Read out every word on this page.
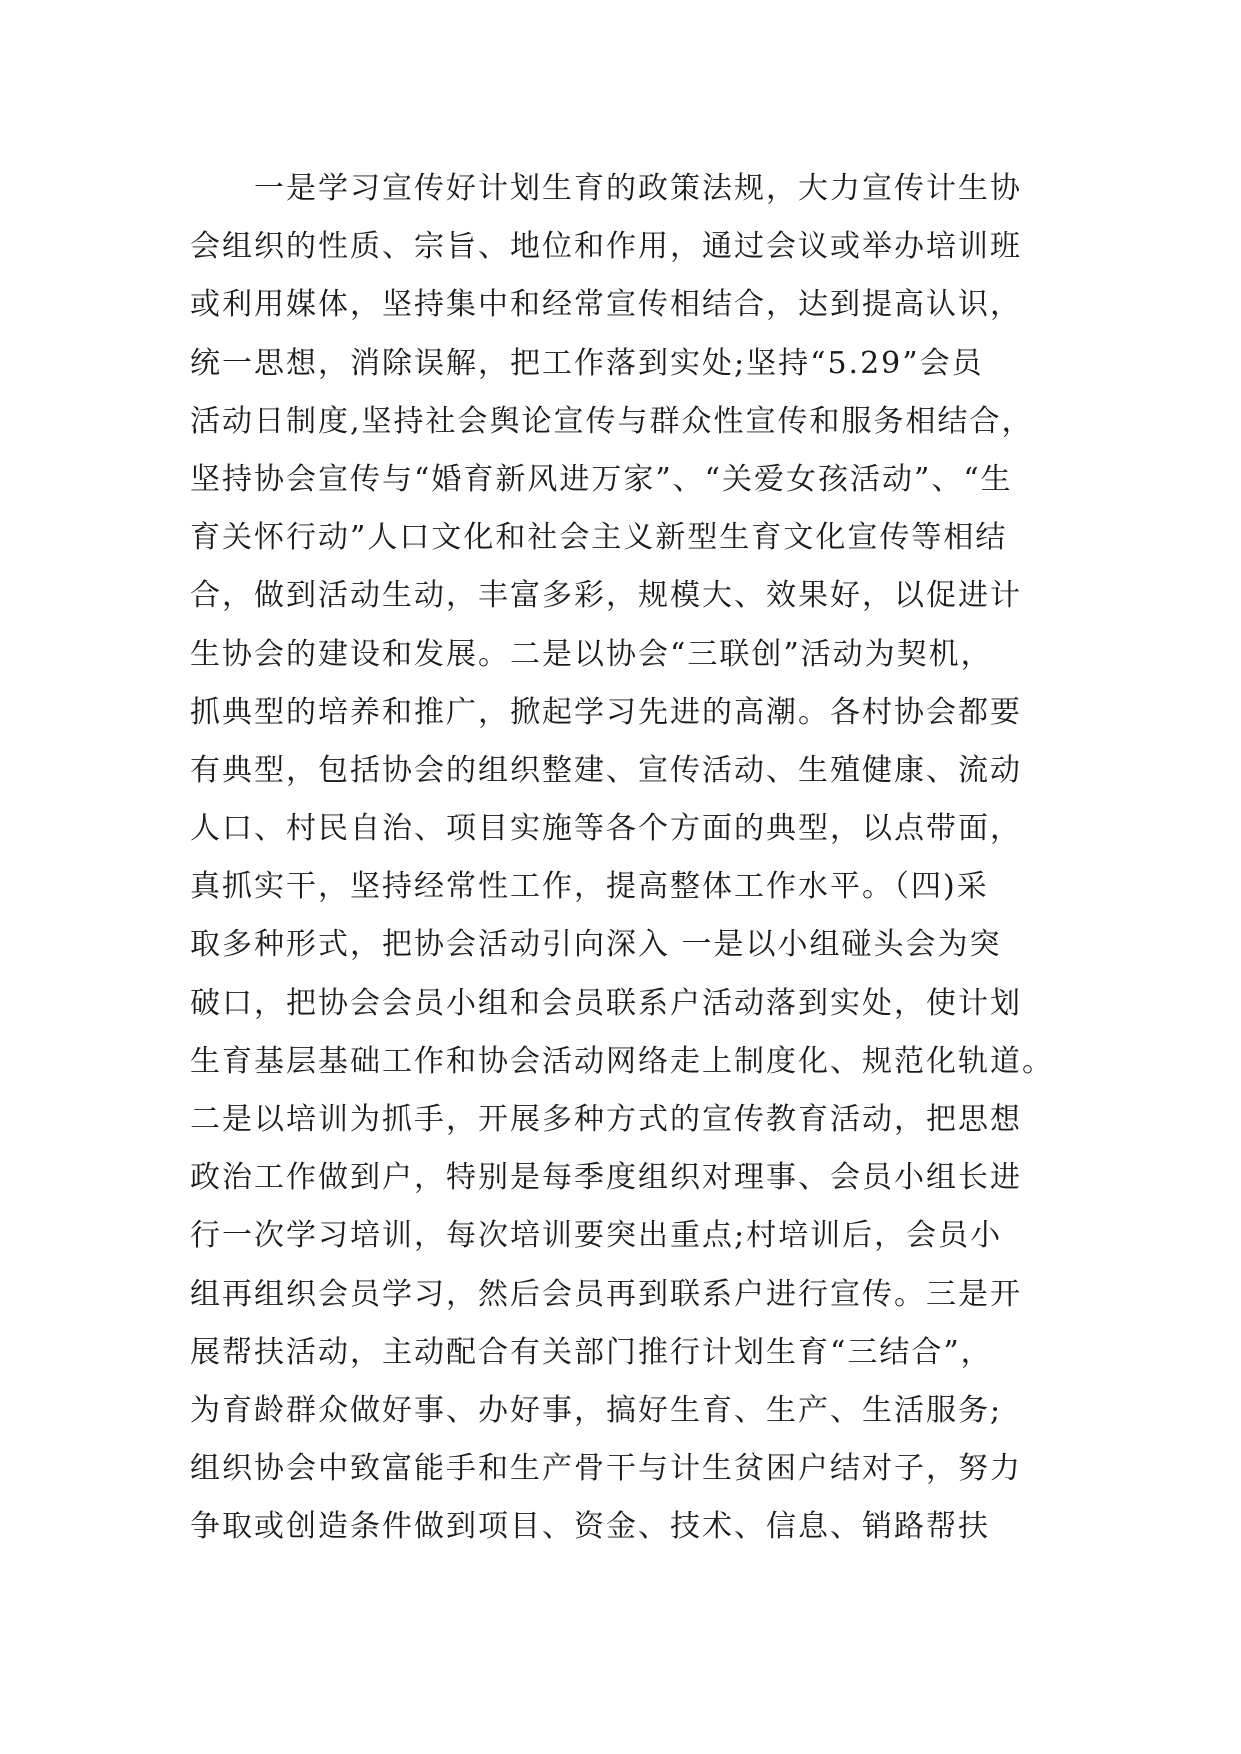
　　一是学习宣传好计划生育的政策法规，大力宣传计生协
会组织的性质、宗旨、地位和作用，通过会议或举办培训班
或利用媒体，坚持集中和经常宣传相结合，达到提高认识，
统一思想，消除误解，把工作落到实处;坚持“5.29”会员
活动日制度,坚持社会舆论宣传与群众性宣传和服务相结合，
坚持协会宣传与“婚育新风进万家”、“关爱女孩活动”、“生
育关怀行动”人口文化和社会主义新型生育文化宣传等相结
合，做到活动生动，丰富多彩，规模大、效果好，以促进计
生协会的建设和发展。二是以协会“三联创”活动为契机，
抓典型的培养和推广，掀起学习先进的高潮。各村协会都要
有典型，包括协会的组织整建、宣传活动、生殖健康、流动
人口、村民自治、项目实施等各个方面的典型，以点带面，
真抓实干，坚持经常性工作，提高整体工作水平。（四)采
取多种形式，把协会活动引向深入 一是以小组碰头会为突
破口，把协会会员小组和会员联系户活动落到实处，使计划
生育基层基础工作和协会活动网络走上制度化、规范化轨道。
二是以培训为抓手，开展多种方式的宣传教育活动，把思想
政治工作做到户，特别是每季度组织对理事、会员小组长进
行一次学习培训，每次培训要突出重点;村培训后，会员小
组再组织会员学习，然后会员再到联系户进行宣传。三是开
展帮扶活动，主动配合有关部门推行计划生育“三结合”，
为育龄群众做好事、办好事，搞好生育、生产、生活服务;
组织协会中致富能手和生产骨干与计生贫困户结对子，努力
争取或创造条件做到项目、资金、技术、信息、销路帮扶
